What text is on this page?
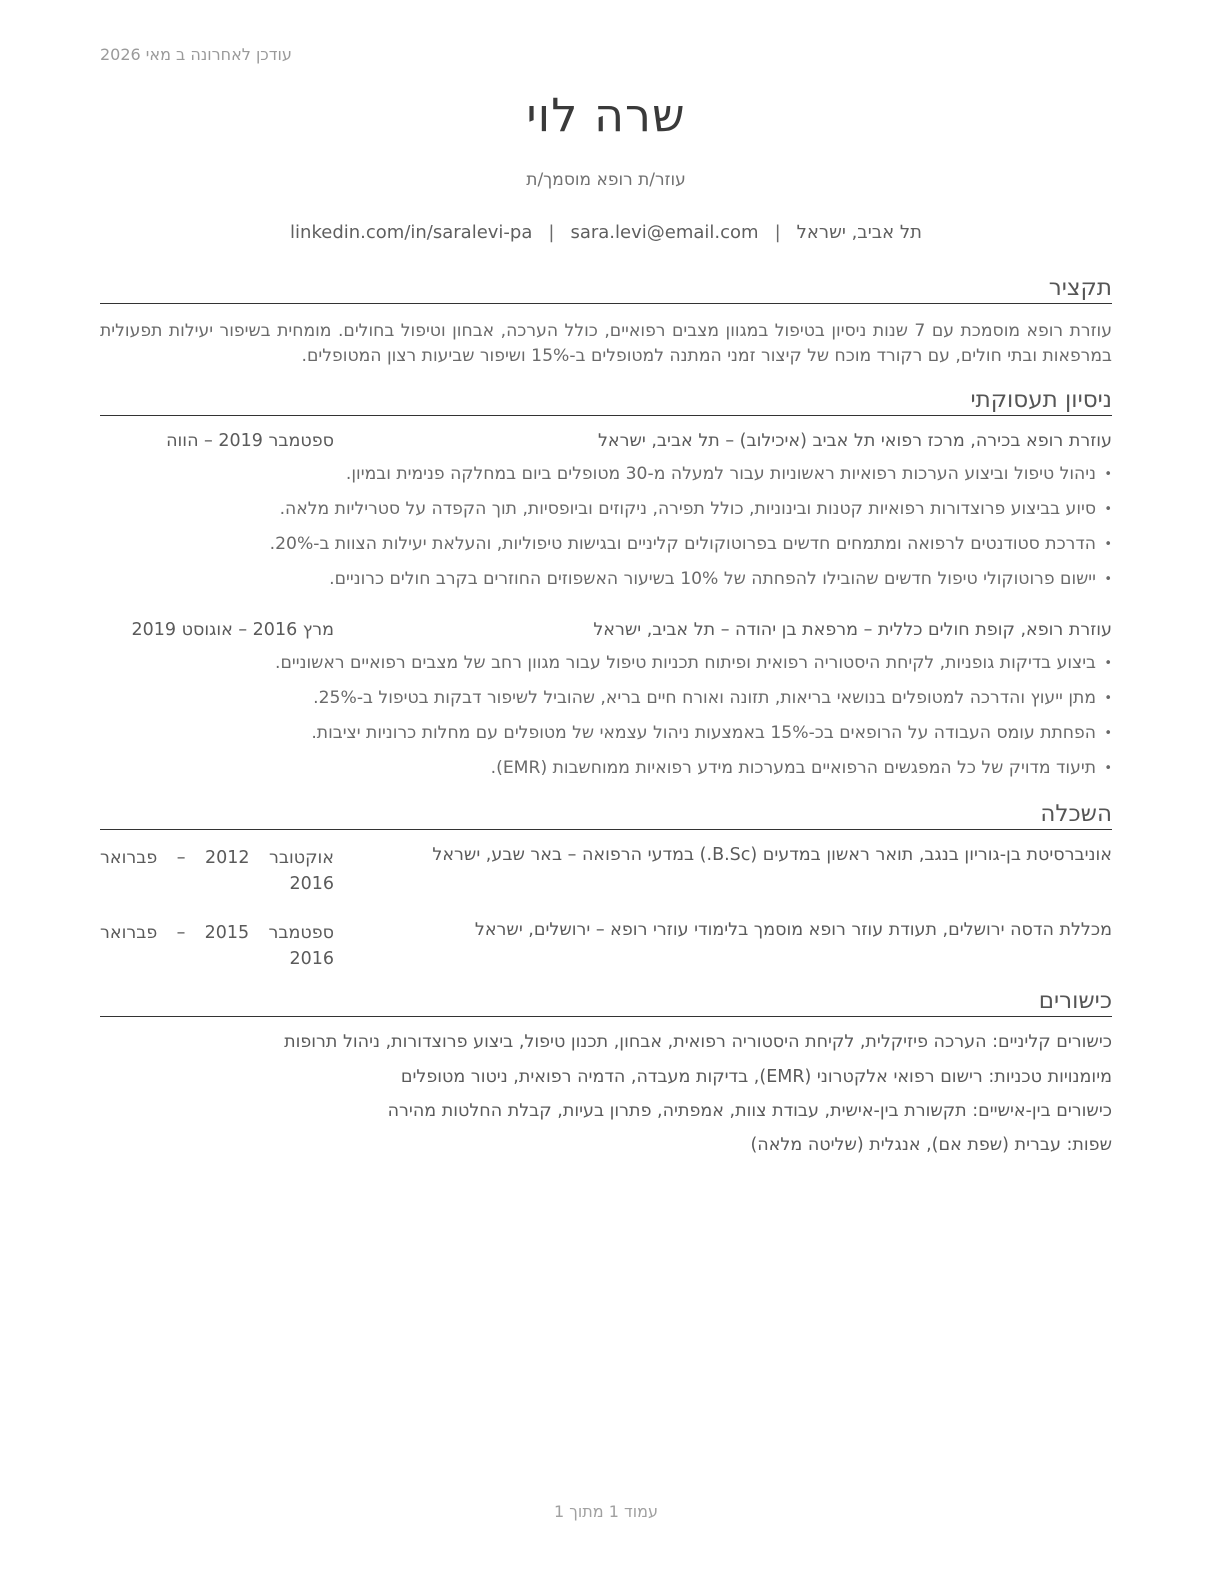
עודכן לאחרונה ב מאי 2026
שרה לוי
עוזר/ת רופא מוסמך/ת
linkedin.com/in/saralevi-pa | sara.levi@email.com | תל אביב, ישראל
תקציר
עוזרת רופא מוסמכת עם 7 שנות ניסיון בטיפול במגוון מצבים רפואיים, כולל הערכה, אבחון וטיפול בחולים. מומחית בשיפור יעילות תפעולית במרפאות ובתי חולים, עם רקורד מוכח של קיצור זמני המתנה למטופלים ב-15% ושיפור שביעות רצון המטופלים.
ניסיון תעסוקתי
עוזרת רופא בכירה, מרכז רפואי תל אביב (איכילוב) – תל אביב, ישראל
ספטמבר 2019 – הווה
• ניהול טיפול וביצוע הערכות רפואיות ראשוניות עבור למעלה מ-30 מטופלים ביום במחלקה פנימית ובמיון.
• סיוע בביצוע פרוצדורות רפואיות קטנות ובינוניות, כולל תפירה, ניקוזים וביופסיות, תוך הקפדה על סטריליות מלאה.
• הדרכת סטודנטים לרפואה ומתמחים חדשים בפרוטוקולים קליניים ובגישות טיפוליות, והעלאת יעילות הצוות ב-20%.
• יישום פרוטוקולי טיפול חדשים שהובילו להפחתה של 10% בשיעור האשפוזים החוזרים בקרב חולים כרוניים.
עוזרת רופא, קופת חולים כללית – מרפאת בן יהודה – תל אביב, ישראל
מרץ 2016 – אוגוסט 2019
• ביצוע בדיקות גופניות, לקיחת היסטוריה רפואית ופיתוח תכניות טיפול עבור מגוון רחב של מצבים רפואיים ראשוניים.
• מתן ייעוץ והדרכה למטופלים בנושאי בריאות, תזונה ואורח חיים בריא, שהוביל לשיפור דבקות בטיפול ב-25%.
• הפחתת עומס העבודה על הרופאים בכ-15% באמצעות ניהול עצמאי של מטופלים עם מחלות כרוניות יציבות.
• תיעוד מדויק של כל המפגשים הרפואיים במערכות מידע רפואיות ממוחשבות (EMR).
השכלה
אוניברסיטת בן-גוריון בנגב, תואר ראשון במדעים (B.Sc.) במדעי הרפואה – באר שבע, ישראל
אוקטובר 2012 – פברואר 2016
מכללת הדסה ירושלים, תעודת עוזר רופא מוסמך בלימודי עוזרי רופא – ירושלים, ישראל
ספטמבר 2015 – פברואר 2016
כישורים
כישורים קליניים: הערכה פיזיקלית, לקיחת היסטוריה רפואית, אבחון, תכנון טיפול, ביצוע פרוצדורות, ניהול תרופות
מיומנויות טכניות: רישום רפואי אלקטרוני (EMR), בדיקות מעבדה, הדמיה רפואית, ניטור מטופלים
כישורים בין-אישיים: תקשורת בין-אישית, עבודת צוות, אמפתיה, פתרון בעיות, קבלת החלטות מהירה
שפות: עברית (שפת אם), אנגלית (שליטה מלאה)
עמוד 1 מתוך 1
